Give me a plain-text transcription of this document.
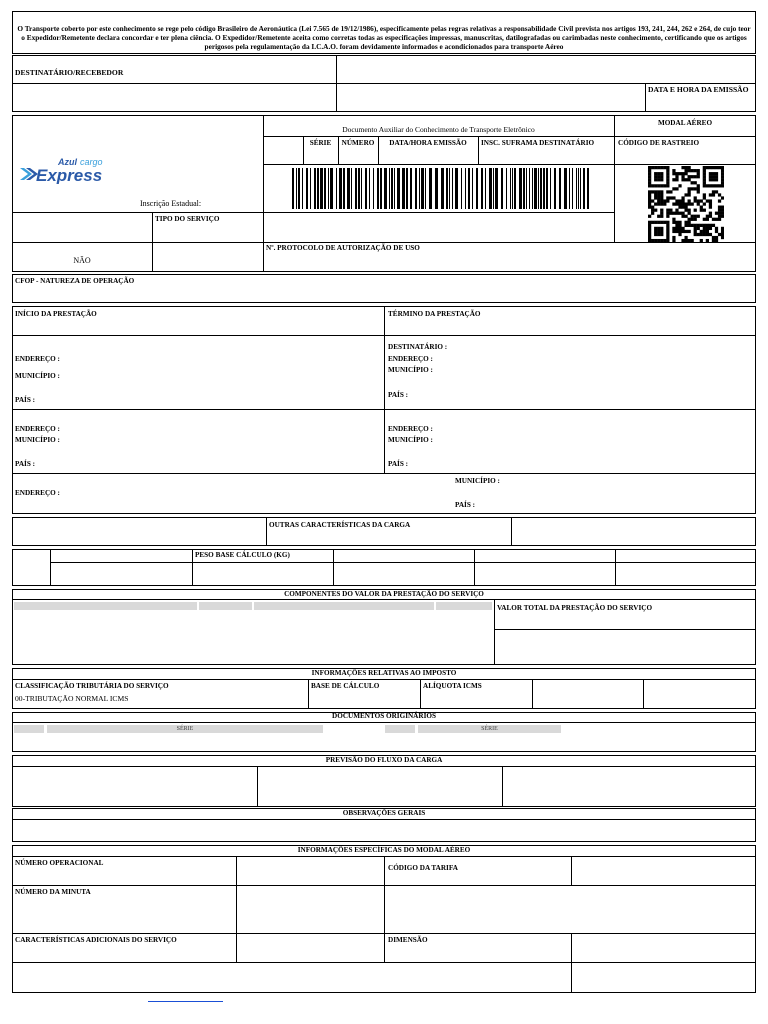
O Transporte coberto por este conhecimento se rege pelo código Brasileiro de Aeronáutica (Lei 7.565 de 19/12/1986), especificamente pelas regras relativas a responsabilidade Civil prevista nos artigos 193, 241, 244, 262 e 264, de cujo teor o Expedidor/Remetente declara concordar e ter plena ciência. O Expedidor/Remetente aceita como corretas todas as especificações impressas, manuscritas, datilografadas ou carimbadas neste conhecimento, certificando que os artigos perigosos pela regulamentação da I.C.A.O. foram devidamente informados e acondicionados para transporte Aéreo
DESTINATÁRIO/RECEBEDOR
DATA E HORA DA EMISSÃO
Azul cargo
Express
Inscrição Estadual:
Documento Auxiliar do Conhecimento de Transporte Eletrônico
MODAL AÉREO
SÉRIE	NÚMERO	DATA/HORA EMISSÃO	INSC. SUFRAMA DESTINATÁRIO	CÓDIGO DE RASTREIO
TIPO DO SERVIÇO
NÃO
Nº. PROTOCOLO DE AUTORIZAÇÃO DE USO
CFOP - NATUREZA DE OPERAÇÃO
INÍCIO DA PRESTAÇÃO	TÉRMINO DA PRESTAÇÃO
ENDEREÇO :
MUNICÍPIO :
PAÍS :
DESTINATÁRIO :
ENDEREÇO :
MUNICÍPIO :
PAÍS :
ENDEREÇO :
MUNICÍPIO :
PAÍS :
ENDEREÇO :
MUNICÍPIO :
PAÍS :
ENDEREÇO :
MUNICÍPIO :
PAÍS :
OUTRAS CARACTERÍSTICAS DA CARGA
PESO BASE CÁLCULO (KG)
COMPONENTES DO VALOR DA PRESTAÇÃO DO SERVIÇO
VALOR TOTAL DA PRESTAÇÃO DO SERVIÇO
INFORMAÇÕES RELATIVAS AO IMPOSTO
CLASSIFICAÇÃO TRIBUTÁRIA DO SERVIÇO
00-TRIBUTAÇÃO NORMAL ICMS
BASE DE CÁLCULO	ALÍQUOTA ICMS
DOCUMENTOS ORIGINÁRIOS
SÉRIE	SÉRIE
PREVISÃO DO FLUXO DA CARGA
OBSERVAÇÕES GERAIS
INFORMAÇÕES ESPECÍFICAS DO MODAL AÉREO
NÚMERO OPERACIONAL
CÓDIGO DA TARIFA
NÚMERO DA MINUTA
CARACTERÍSTICAS ADICIONAIS DO SERVIÇO	DIMENSÃO
